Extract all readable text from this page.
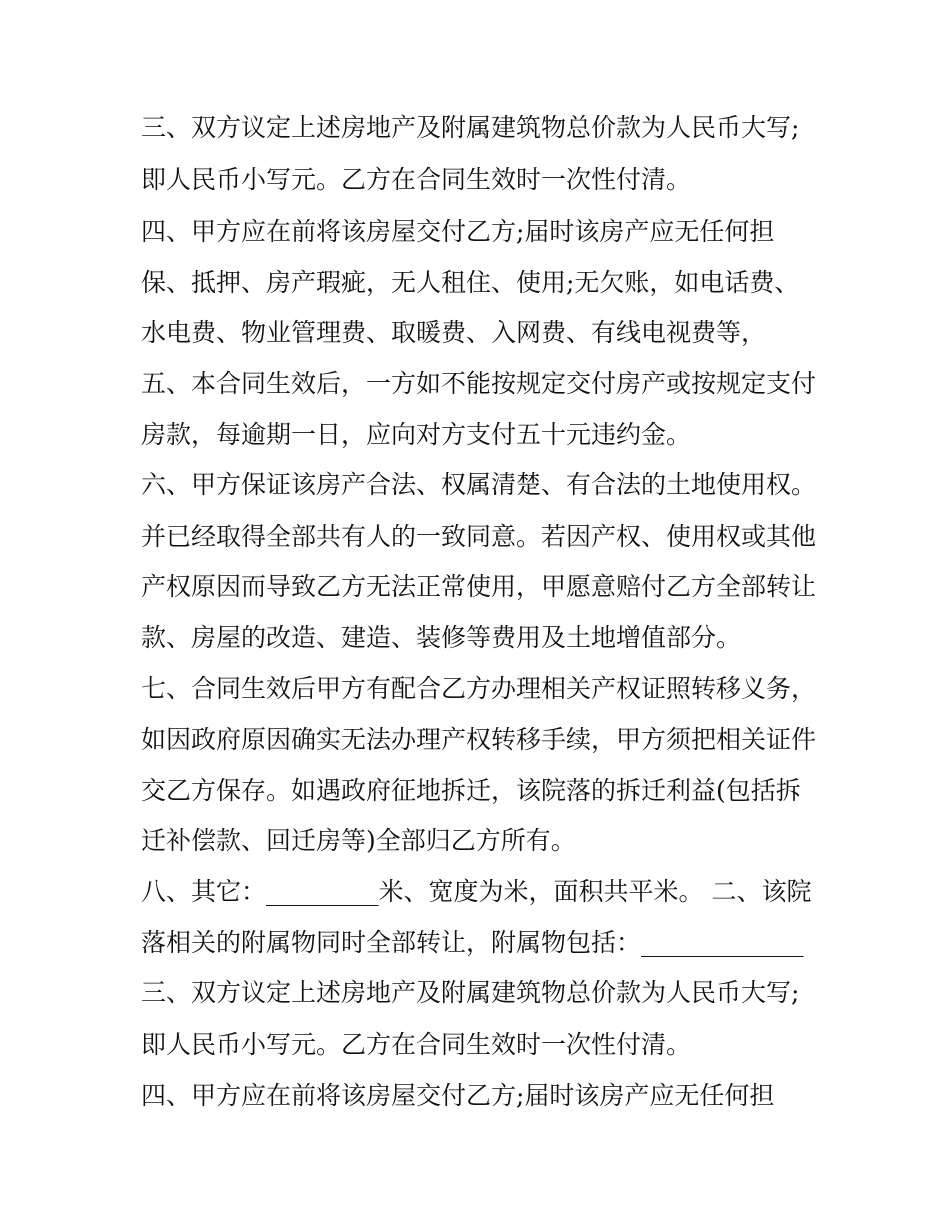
三、双方议定上述房地产及附属建筑物总价款为人民币大写;

即人民币小写元。乙方在合同生效时一次性付清。

四、甲方应在前将该房屋交付乙方;届时该房产应无任何担

保、抵押、房产瑕疵，无人租住、使用;无欠账，如电话费、

水电费、物业管理费、取暖费、入网费、有线电视费等，

五、本合同生效后，一方如不能按规定交付房产或按规定支付

房款，每逾期一日，应向对方支付五十元违约金。

六、甲方保证该房产合法、权属清楚、有合法的土地使用权。

并已经取得全部共有人的一致同意。若因产权、使用权或其他

产权原因而导致乙方无法正常使用，甲愿意赔付乙方全部转让

款、房屋的改造、建造、装修等费用及土地增值部分。

七、合同生效后甲方有配合乙方办理相关产权证照转移义务，

如因政府原因确实无法办理产权转移手续，甲方须把相关证件

交乙方保存。如遇政府征地拆迁，该院落的拆迁利益(包括拆

迁补偿款、回迁房等)全部归乙方所有。

八、其它：_________米、宽度为米，面积共平米。 二、该院

落相关的附属物同时全部转让，附属物包括：_____________

三、双方议定上述房地产及附属建筑物总价款为人民币大写;

即人民币小写元。乙方在合同生效时一次性付清。

四、甲方应在前将该房屋交付乙方;届时该房产应无任何担
